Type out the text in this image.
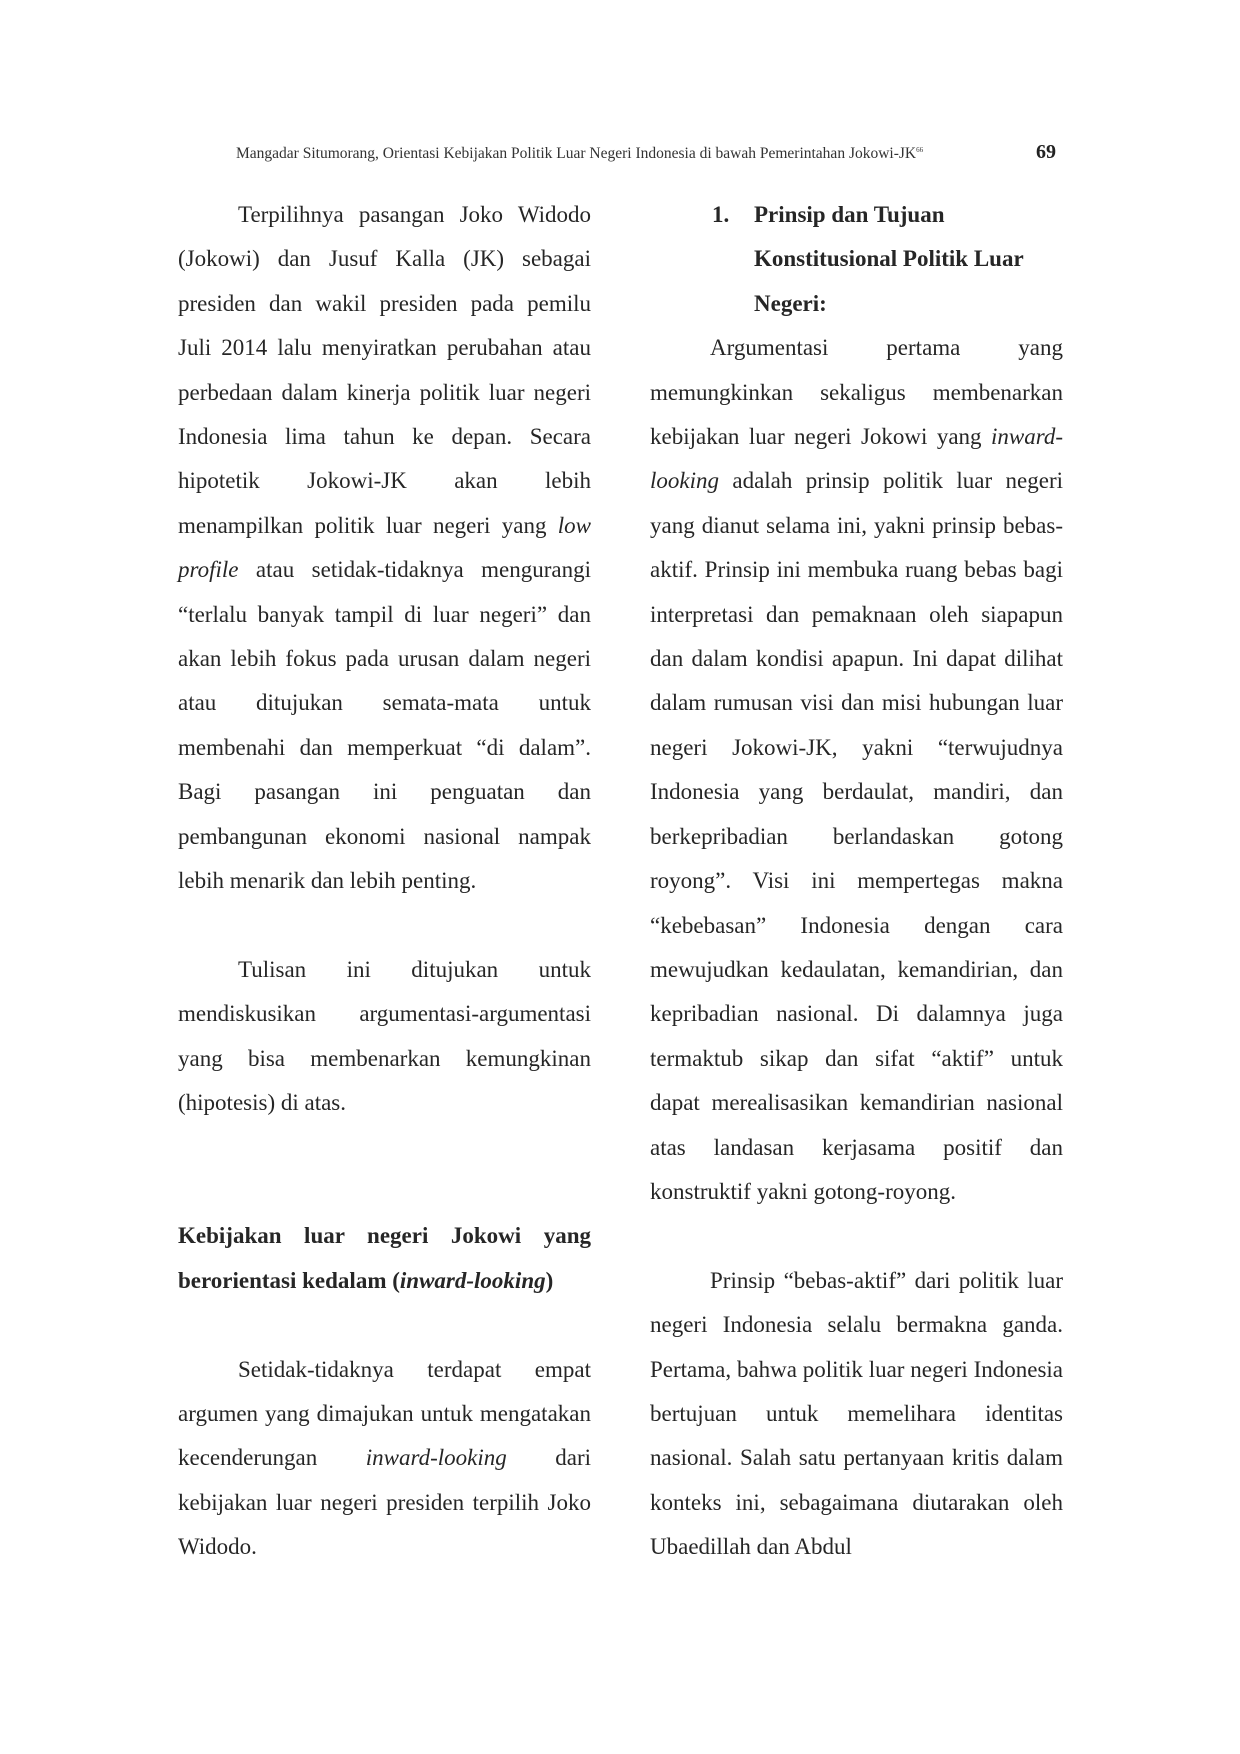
Mangadar Situmorang, Orientasi Kebijakan Politik Luar Negeri Indonesia di bawah Pemerintahan Jokowi-JK$^{66}$	69

Terpilihnya pasangan Joko Widodo (Jokowi) dan Jusuf Kalla (JK) sebagai presiden dan wakil presiden pada pemilu Juli 2014 lalu menyiratkan perubahan atau perbedaan dalam kinerja politik luar negeri Indonesia lima tahun ke depan. Secara hipotetik Jokowi-JK akan lebih menampilkan politik luar negeri yang low profile atau setidak-tidaknya mengurangi “terlalu banyak tampil di luar negeri” dan akan lebih fokus pada urusan dalam negeri atau ditujukan semata-mata untuk membenahi dan memperkuat “di dalam”. Bagi pasangan ini penguatan dan pembangunan ekonomi nasional nampak lebih menarik dan lebih penting.

Tulisan ini ditujukan untuk mendiskusikan argumentasi-argumentasi yang bisa membenarkan kemungkinan (hipotesis) di atas.

Kebijakan luar negeri Jokowi yang berorientasi kedalam (inward-looking)

Setidak-tidaknya terdapat empat argumen yang dimajukan untuk mengatakan kecenderungan inward-looking dari kebijakan luar negeri presiden terpilih Joko Widodo.

1.	Prinsip dan Tujuan Konstitusional Politik Luar Negeri:

Argumentasi pertama yang memungkinkan sekaligus membenarkan kebijakan luar negeri Jokowi yang inward-looking adalah prinsip politik luar negeri yang dianut selama ini, yakni prinsip bebas-aktif. Prinsip ini membuka ruang bebas bagi interpretasi dan pemaknaan oleh siapapun dan dalam kondisi apapun. Ini dapat dilihat dalam rumusan visi dan misi hubungan luar negeri Jokowi-JK, yakni “terwujudnya Indonesia yang berdaulat, mandiri, dan berkepribadian berlandaskan gotong royong”. Visi ini mempertegas makna “kebebasan” Indonesia dengan cara mewujudkan kedaulatan, kemandirian, dan kepribadian nasional. Di dalamnya juga termaktub sikap dan sifat “aktif” untuk dapat merealisasikan kemandirian nasional atas landasan kerjasama positif dan konstruktif yakni gotong-royong.

Prinsip “bebas-aktif” dari politik luar negeri Indonesia selalu bermakna ganda. Pertama, bahwa politik luar negeri Indonesia bertujuan untuk memelihara identitas nasional. Salah satu pertanyaan kritis dalam konteks ini, sebagaimana diutarakan oleh Ubaedillah dan Abdul
